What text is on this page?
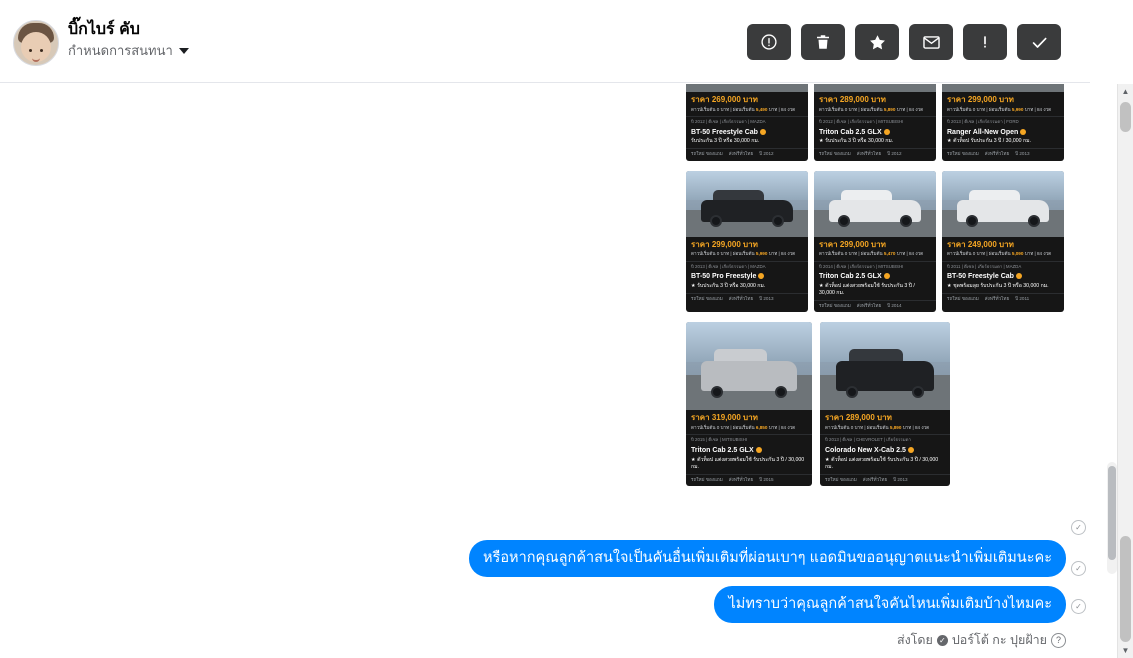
บิ๊กไบร์ คับ
กำหนดการสนทนา
ราคา 269,000 บาท
ดาวน์เริ่มต้น 0 บาท | ผ่อนเริ่มต้น 5,490 บาท | 84 งวด
ปี 2012 | ดีเซล | เกียร์ธรรมดา | MAZDA
BT-50 Freestyle Cab
รับประกัน 3 ปี หรือ 30,000 กม.
รถใหม่ ของแถม ส่งฟรีทั่วไทย ปี 2012
ราคา 289,000 บาท
ดาวน์เริ่มต้น 0 บาท | ผ่อนเริ่มต้น 5,890 บาท | 84 งวด
ปี 2012 | ดีเซล | เกียร์ธรรมดา | MITSUBISHI
Triton Cab 2.5 GLX
★ รับประกัน 3 ปี หรือ 30,000 กม.
รถใหม่ ของแถม ส่งฟรีทั่วไทย ปี 2012
ราคา 299,000 บาท
ดาวน์เริ่มต้น 0 บาท | ผ่อนเริ่มต้น 5,990 บาท | 84 งวด
ปี 2013 | ดีเซล | เกียร์ธรรมดา | FORD
Ranger All-New Open
★ ตัวท็อป รับประกัน 3 ปี / 30,000 กม.
รถใหม่ ของแถม ส่งฟรีทั่วไทย ปี 2013
ราคา 299,000 บาท
ดาวน์เริ่มต้น 0 บาท | ผ่อนเริ่มต้น 5,990 บาท | 84 งวด
ปี 2013 | ดีเซล | เกียร์ธรรมดา | MAZDA
BT-50 Pro Freestyle
★ รับประกัน 3 ปี หรือ 30,000 กม.
รถใหม่ ของแถม ส่งฟรีทั่วไทย ปี 2013
ราคา 299,000 บาท
ดาวน์เริ่มต้น 0 บาท | ผ่อนเริ่มต้น 5,470 บาท | 84 งวด
ปี 2014 | ดีเซล | เกียร์ธรรมดา | MITSUBISHI
Triton Cab 2.5 GLX
★ ตัวท็อป แต่งสวยพร้อมใช้ รับประกัน 3 ปี / 30,000 กม.
รถใหม่ ของแถม ส่งฟรีทั่วไทย ปี 2014
ราคา 249,000 บาท
ดาวน์เริ่มต้น 0 บาท | ผ่อนเริ่มต้น 5,090 บาท | 84 งวด
ปี 2011 | ดีเซล | เกียร์ธรรมดา | MAZDA
BT-50 Freestyle Cab
★ ชุดพร้อมลุย รับประกัน 3 ปี หรือ 30,000 กม.
รถใหม่ ของแถม ส่งฟรีทั่วไทย ปี 2011
ราคา 319,000 บาท
ดาวน์เริ่มต้น 0 บาท | ผ่อนเริ่มต้น 6,850 บาท | 84 งวด
ปี 2015 | ดีเซล | MITSUBISHI
Triton Cab 2.5 GLX
★ ตัวท็อป แต่งสวยพร้อมใช้ รับประกัน 3 ปี / 30,000 กม.
รถใหม่ ของแถม ส่งฟรีทั่วไทย ปี 2015
ราคา 289,000 บาท
ดาวน์เริ่มต้น 0 บาท | ผ่อนเริ่มต้น 5,890 บาท | 84 งวด
ปี 2013 | ดีเซล | CHEVROLET | เกียร์ธรรมดา
Colorado New X-Cab 2.5
★ ตัวท็อป แต่งสวยพร้อมใช้ รับประกัน 3 ปี / 30,000 กม.
รถใหม่ ของแถม ส่งฟรีทั่วไทย ปี 2013
✓
หรือหากคุณลูกค้าสนใจเป็นคันอื่นเพิ่มเติมที่ผ่อนเบาๆ แอดมินขออนุญาตแนะนำเพิ่มเติมนะคะ
✓
ไม่ทราบว่าคุณลูกค้าสนใจคันไหนเพิ่มเติมบ้างไหมคะ	✓
ส่งโดย ✓ ปอร์โต้ กะ ปุยฝ้าย ?
▲
▼
